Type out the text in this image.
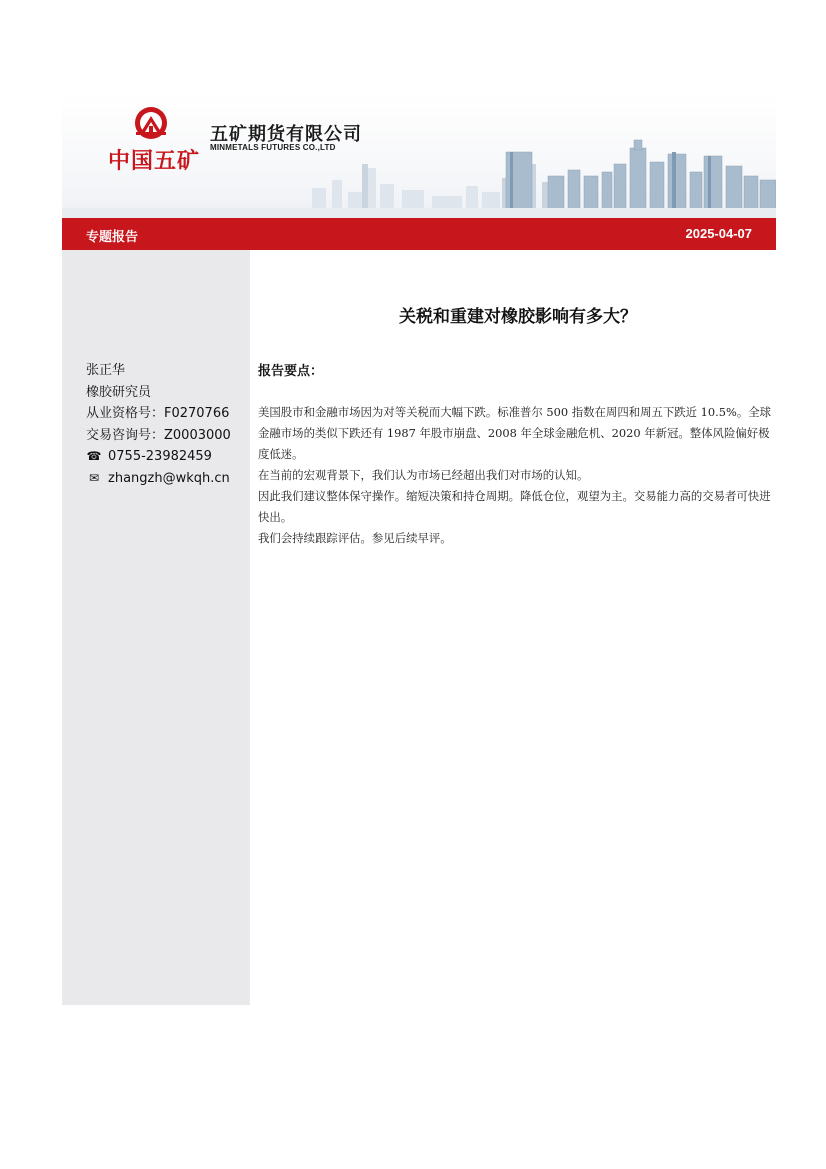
中国五矿
五矿期货有限公司
MINMETALS FUTURES CO.,LTD
专题报告	2025-04-07
张正华
橡胶研究员
从业资格号：F0270766
交易咨询号：Z0003000
☎ 0755-23982459
✉ zhangzh@wkqh.cn
关税和重建对橡胶影响有多大？
报告要点：

美国股市和金融市场因为对等关税而大幅下跌。标准普尔 500 指数在周四和周五下跌近 10.5%。全球金融市场的类似下跌还有 1987 年股市崩盘、2008 年全球金融危机、2020 年新冠。整体风险偏好极度低迷。

在当前的宏观背景下，我们认为市场已经超出我们对市场的认知。

因此我们建议整体保守操作。缩短决策和持仓周期。降低仓位，观望为主。交易能力高的交易者可快进快出。

我们会持续跟踪评估。参见后续早评。
